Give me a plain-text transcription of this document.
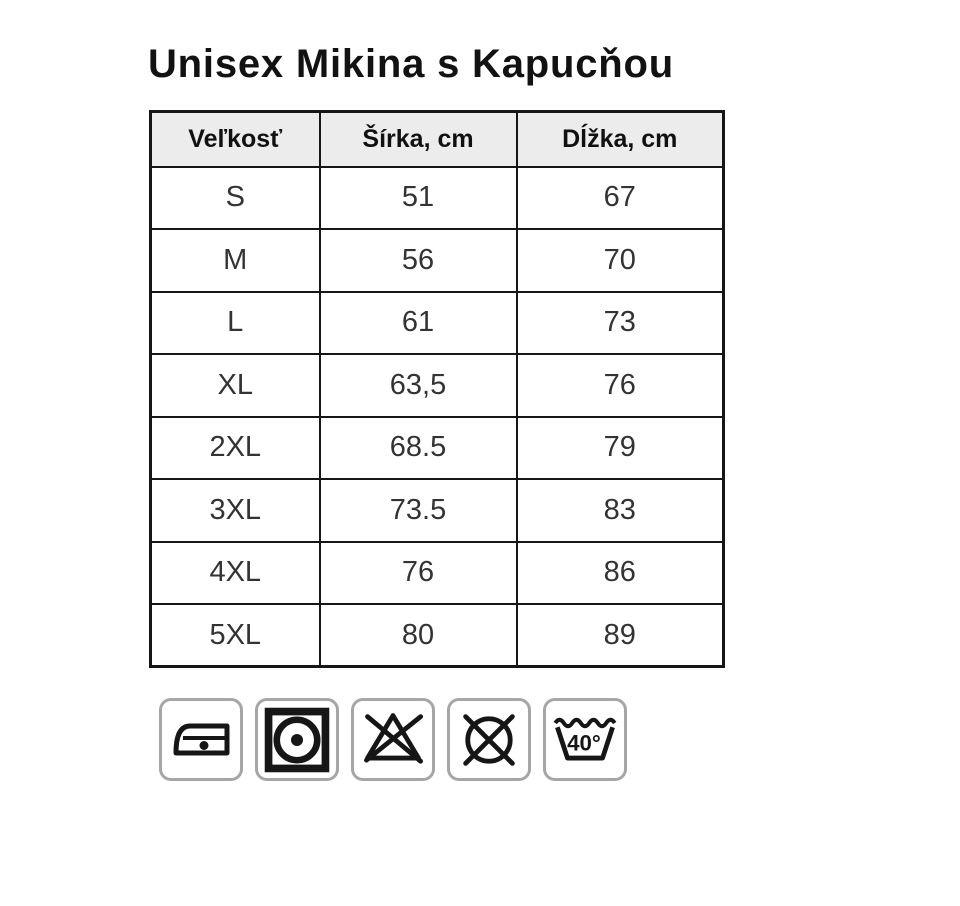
Unisex Mikina s Kapucňou
Veľkosť	Šírka, cm	Dĺžka, cm
S	51	67
M	56	70
L	61	73
XL	63,5	76
2XL	68.5	79
3XL	73.5	83
4XL	76	86
5XL	80	89
40°
